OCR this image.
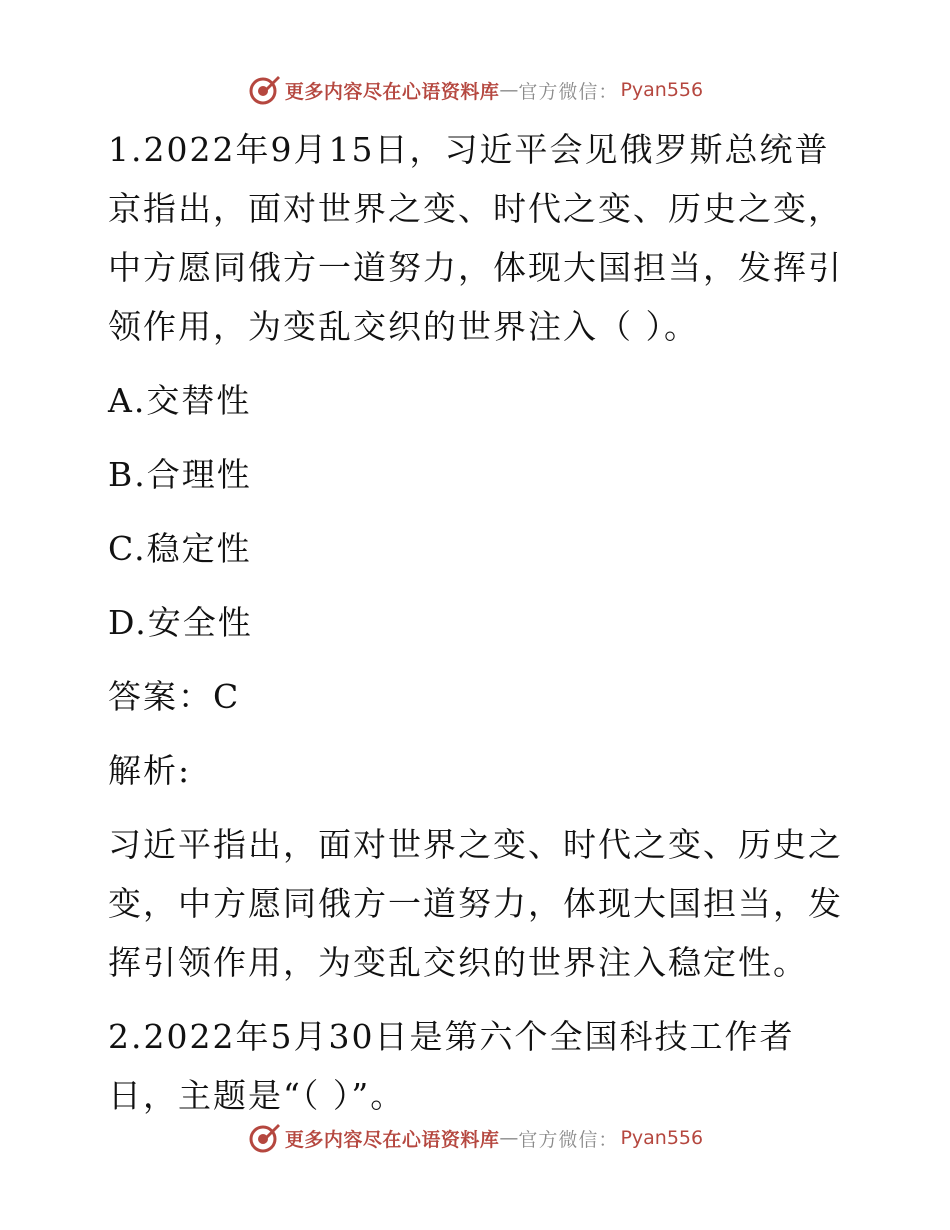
更多内容尽在心语资料库 — 官方微信： Pyan556

1.2022年9月15日，习近平会见俄罗斯总统普京指出，面对世界之变、时代之变、历史之变，中方愿同俄方一道努力，体现大国担当，发挥引领作用，为变乱交织的世界注入（ ）。

A.交替性
B.合理性
C.稳定性
D.安全性
答案：C
解析:

习近平指出，面对世界之变、时代之变、历史之变，中方愿同俄方一道努力，体现大国担当，发挥引领作用，为变乱交织的世界注入稳定性。

2.2022年5月30日是第六个全国科技工作者日，主题是“（ ）”。

更多内容尽在心语资料库 — 官方微信： Pyan556
